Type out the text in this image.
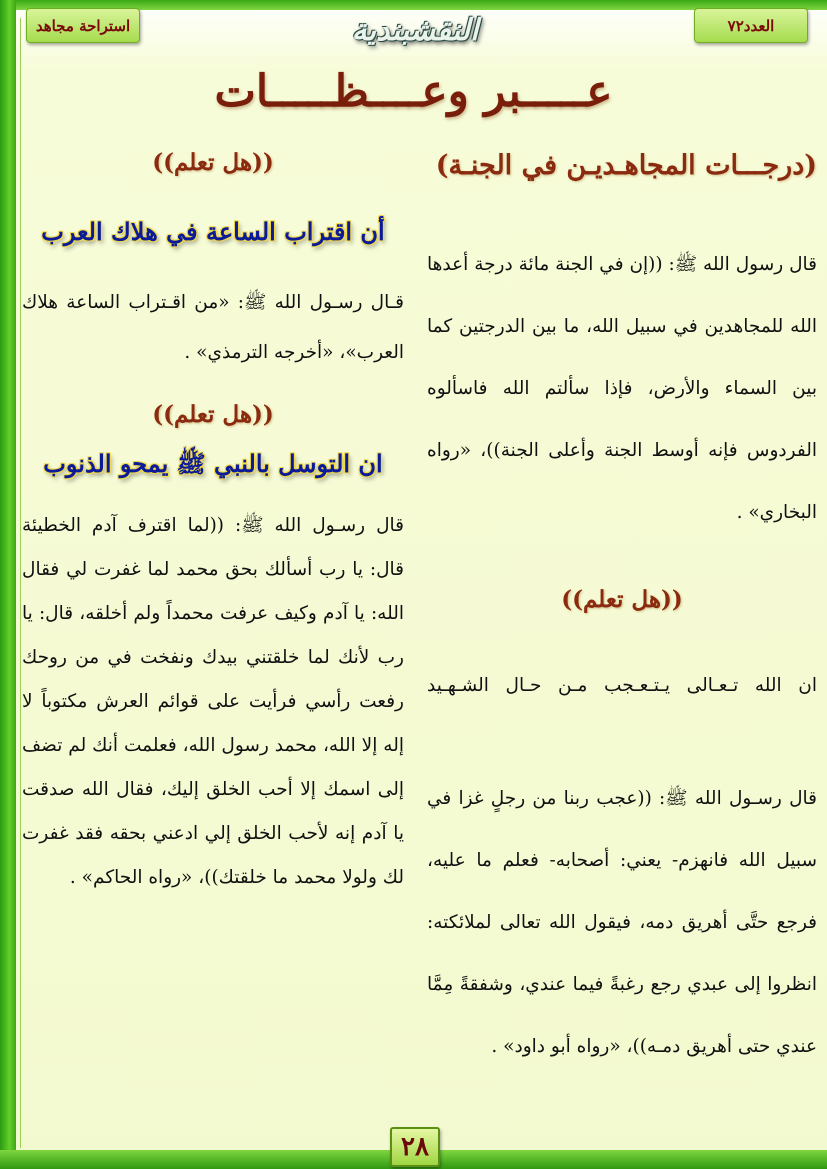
استراحة مجاهد	النقشبندية	العدد٧٢
عـــــبر وعــــظـــــات
(درجـــات المجاهـديـن في الجنـة)
قال رسول الله ﷺ: ((إن في الجنة مائة درجة أعدها الله للمجاهدين في سبيل الله، ما بين الدرجتين كما بين السماء والأرض، فإذا سألتم الله فاسألوه الفردوس فإنه أوسط الجنة وأعلى الجنة))، «رواه البخاري» .
((هل تعلم))
ان الله تـعـالى يـتـعـجب مـن حـال الشـهـيد
قال رسـول الله ﷺ: ((عجب ربنا من رجلٍ غزا في سبيل الله فانهزم- يعني: أصحابه- فعلم ما عليه، فرجع حتَّى أهريق دمه، فيقول الله تعالى لملائكته: انظروا إلى عبدي رجع رغبةً فيما عندي، وشفقةً مِمَّا عندي حتى أهريق دمـه))، «رواه أبو داود» .
((هل تعلم))
أن اقتراب الساعة في هلاك العرب
قـال رسـول الله ﷺ: «من اقـتراب الساعة هلاك العرب»، «أخرجه الترمذي» .
((هل تعلم))
ان التوسل بالنبي ﷺ يمحو الذنوب
قال رسـول الله ﷺ: ((لما اقترف آدم الخطيئة قال: يا رب أسألك بحق محمد لما غفرت لي فقال الله: يا آدم وكيف عرفت محمداً ولم أخلقه، قال: يا رب لأنك لما خلقتني بيدك ونفخت في من روحك رفعت رأسي فرأيت على قوائم العرش مكتوباً لا إله إلا الله، محمد رسول الله، فعلمت أنك لم تضف إلى اسمك إلا أحب الخلق إليك، فقال الله صدقت يا آدم إنه لأحب الخلق إلي ادعني بحقه فقد غفرت لك ولولا محمد ما خلقتك))، «رواه الحاكم» .
٢٨
